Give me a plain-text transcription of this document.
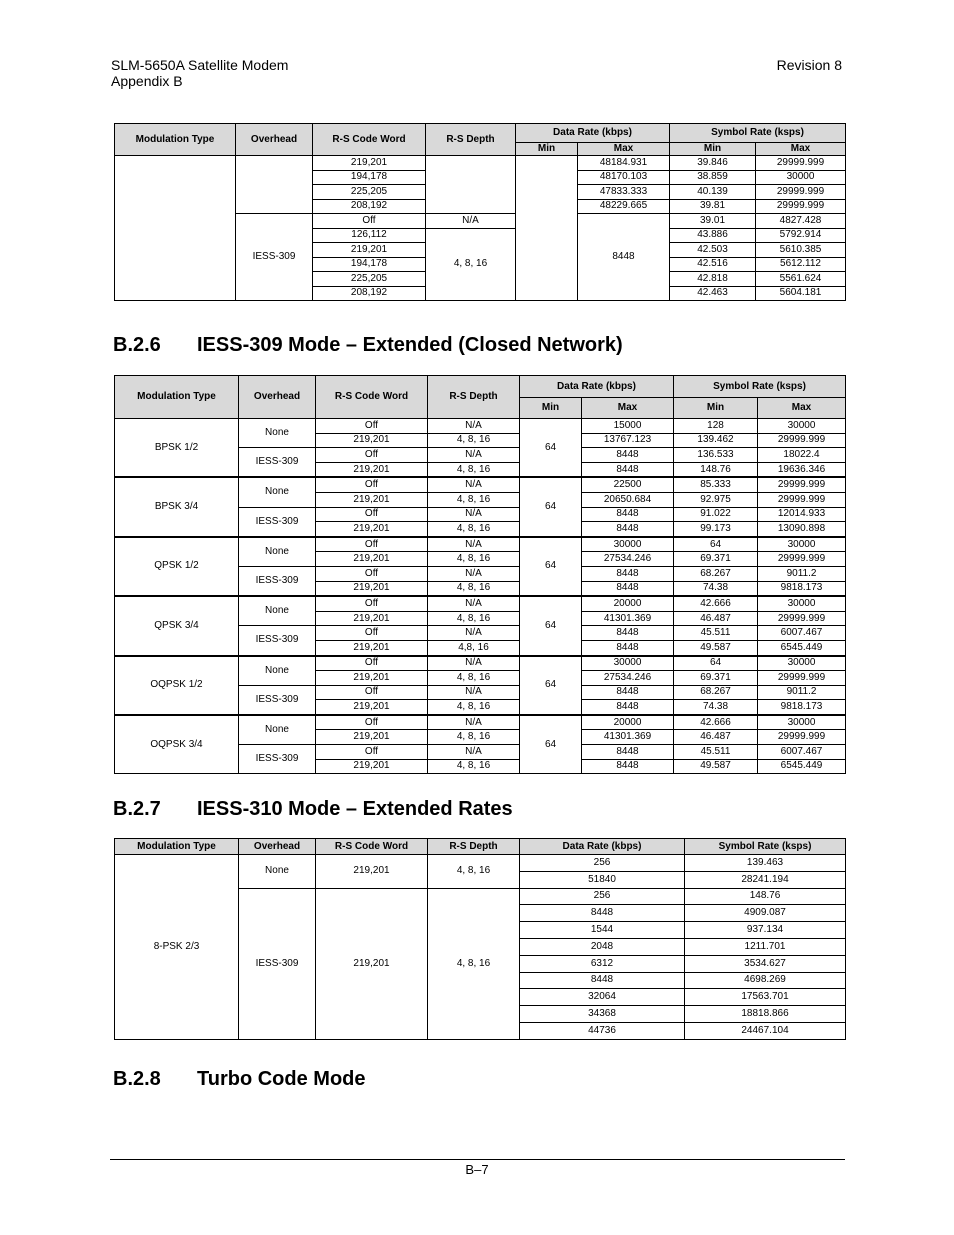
SLM-5650A Satellite Modem
Appendix B
Revision 8
Modulation Type	Overhead	R-S Code Word	R-S Depth	Data Rate (kbps)		Symbol Rate (ksps)	
				Min	Max	Min	Max
		219,201			48184.931	39.846	29999.999
		194,178			48170.103	38.859	30000
		225,205			47833.333	40.139	29999.999
		208,192			48229.665	39.81	29999.999
	IESS-309	Off	N/A		8448	39.01	4827.428
		126,112	4, 8, 16			43.886	5792.914
		219,201				42.503	5610.385
		194,178				42.516	5612.112
		225,205				42.818	5561.624
		208,192				42.463	5604.181
B.2.6 IESS-309 Mode – Extended (Closed Network)
Modulation Type	Overhead	R-S Code Word	R-S Depth	Data Rate (kbps)		Symbol Rate (ksps)	
				Min	Max	Min	Max
BPSK 1/2	None	Off	N/A	64	15000	128	30000
		219,201	4, 8, 16		13767.123	139.462	29999.999
	IESS-309	Off	N/A		8448	136.533	18022.4
		219,201	4, 8, 16		8448	148.76	19636.346
BPSK 3/4	None	Off	N/A	64	22500	85.333	29999.999
		219,201	4, 8, 16		20650.684	92.975	29999.999
	IESS-309	Off	N/A		8448	91.022	12014.933
		219,201	4, 8, 16		8448	99.173	13090.898
QPSK 1/2	None	Off	N/A	64	30000	64	30000
		219,201	4, 8, 16		27534.246	69.371	29999.999
	IESS-309	Off	N/A		8448	68.267	9011.2
		219,201	4, 8, 16		8448	74.38	9818.173
QPSK 3/4	None	Off	N/A	64	20000	42.666	30000
		219,201	4, 8, 16		41301.369	46.487	29999.999
	IESS-309	Off	N/A		8448	45.511	6007.467
		219,201	4,8, 16		8448	49.587	6545.449
OQPSK 1/2	None	Off	N/A	64	30000	64	30000
		219,201	4, 8, 16		27534.246	69.371	29999.999
	IESS-309	Off	N/A		8448	68.267	9011.2
		219,201	4, 8, 16		8448	74.38	9818.173
OQPSK 3/4	None	Off	N/A	64	20000	42.666	30000
		219,201	4, 8, 16		41301.369	46.487	29999.999
	IESS-309	Off	N/A		8448	45.511	6007.467
		219,201	4, 8, 16		8448	49.587	6545.449
B.2.7 IESS-310 Mode – Extended Rates
Modulation Type	Overhead	R-S Code Word	R-S Depth	Data Rate (kbps)	Symbol Rate (ksps)
8-PSK 2/3	None	219,201	4, 8, 16	256	139.463
				51840	28241.194
	IESS-309	219,201	4, 8, 16	256	148.76
				8448	4909.087
				1544	937.134
				2048	1211.701
				6312	3534.627
				8448	4698.269
				32064	17563.701
				34368	18818.866
				44736	24467.104
B.2.8 Turbo Code Mode
B–7
